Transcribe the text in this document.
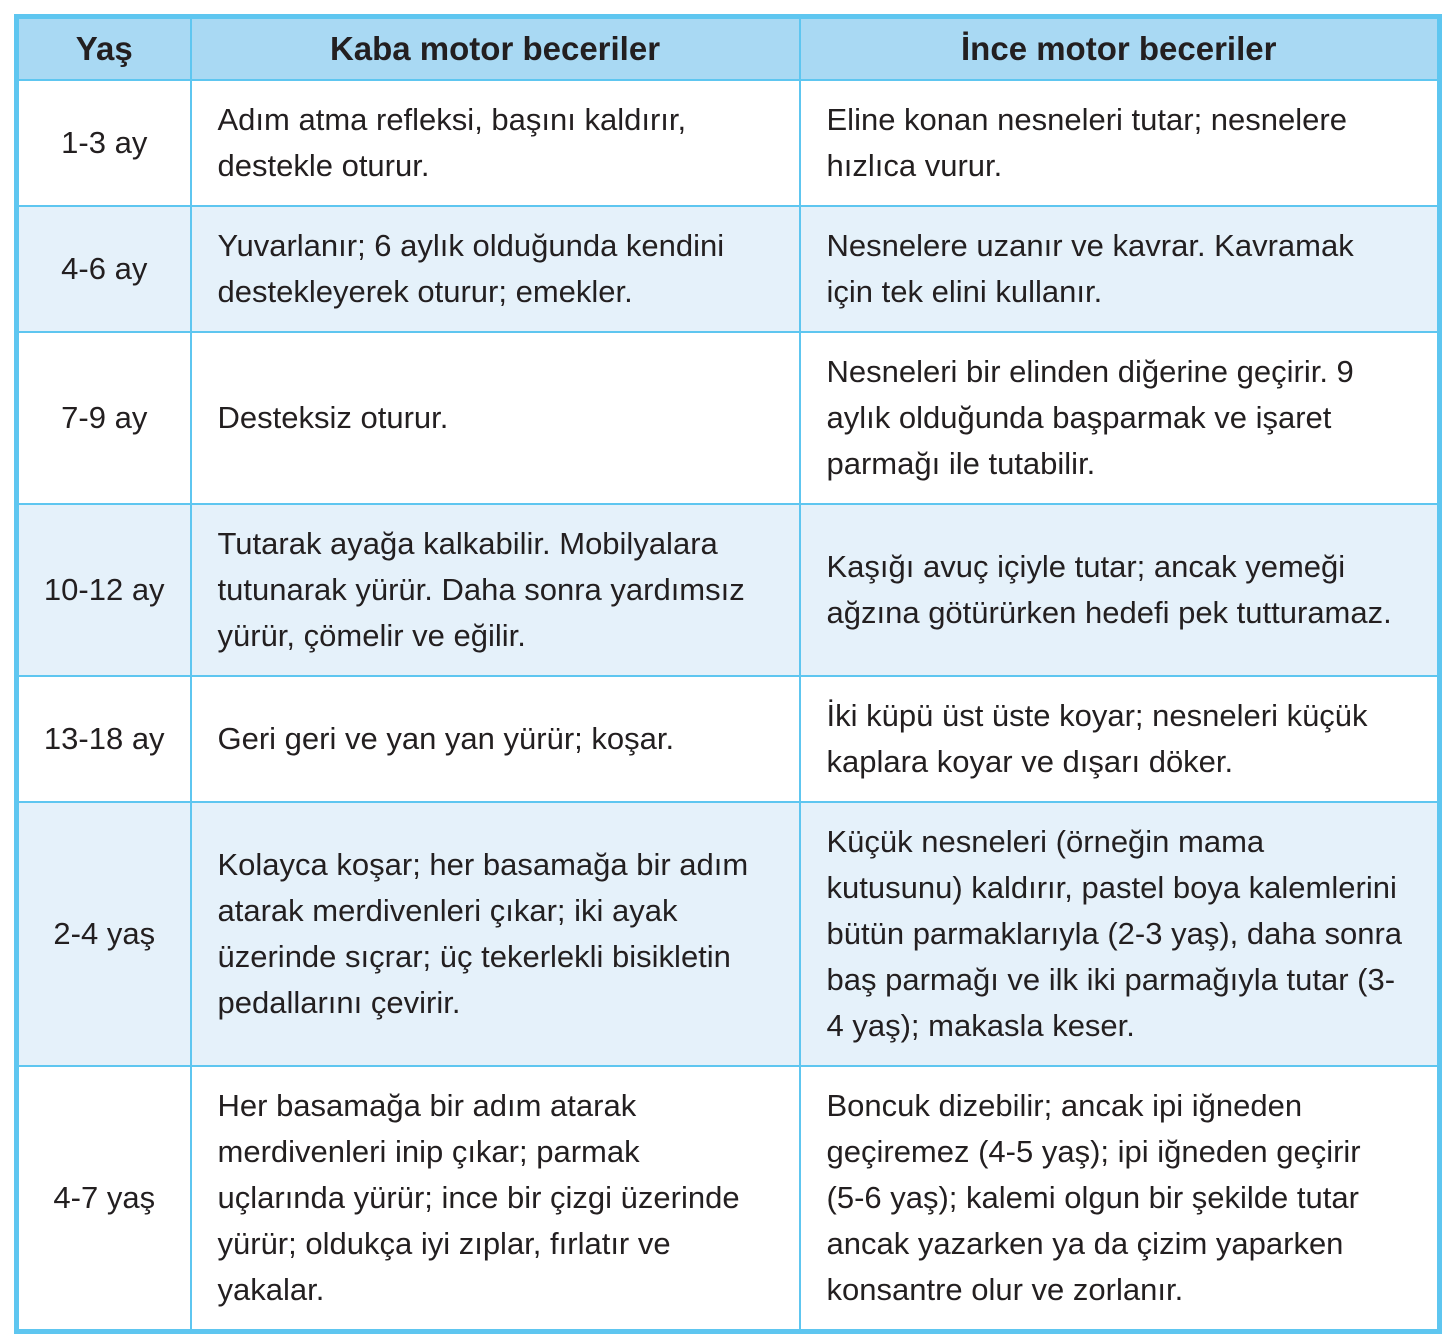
Yaş	Kaba motor beceriler	İnce motor beceriler
1-3 ay	Adım atma refleksi, başını kaldırır, destekle oturur.	Eline konan nesneleri tutar; nesnelere hızlıca vurur.
4-6 ay	Yuvarlanır; 6 aylık olduğunda kendini destekleyerek oturur; emekler.	Nesnelere uzanır ve kavrar. Kavramak için tek elini kullanır.
7-9 ay	Desteksiz oturur.	Nesneleri bir elinden diğerine geçirir. 9 aylık olduğunda başparmak ve işaret parmağı ile tutabilir.
10-12 ay	Tutarak ayağa kalkabilir. Mobilyalara tutunarak yürür. Daha sonra yardımsız yürür, çömelir ve eğilir.	Kaşığı avuç içiyle tutar; ancak yemeği ağzına götürürken hedefi pek tutturamaz.
13-18 ay	Geri geri ve yan yan yürür; koşar.	İki küpü üst üste koyar; nesneleri küçük kaplara koyar ve dışarı döker.
2-4 yaş	Kolayca koşar; her basamağa bir adım atarak merdivenleri çıkar; iki ayak üzerinde sıçrar; üç tekerlekli bisikletin pedallarını çevirir.	Küçük nesneleri (örneğin mama kutusunu) kaldırır, pastel boya kalemlerini bütün parmaklarıyla (2-3 yaş), daha sonra baş parmağı ve ilk iki parmağıyla tutar (3-4 yaş); makasla keser.
4-7 yaş	Her basamağa bir adım atarak merdivenleri inip çıkar; parmak uçlarında yürür; ince bir çizgi üzerinde yürür; oldukça iyi zıplar, fırlatır ve yakalar.	Boncuk dizebilir; ancak ipi iğneden geçiremez (4-5 yaş); ipi iğneden geçirir (5-6 yaş); kalemi olgun bir şekilde tutar ancak yazarken ya da çizim yaparken konsantre olur ve zorlanır.
